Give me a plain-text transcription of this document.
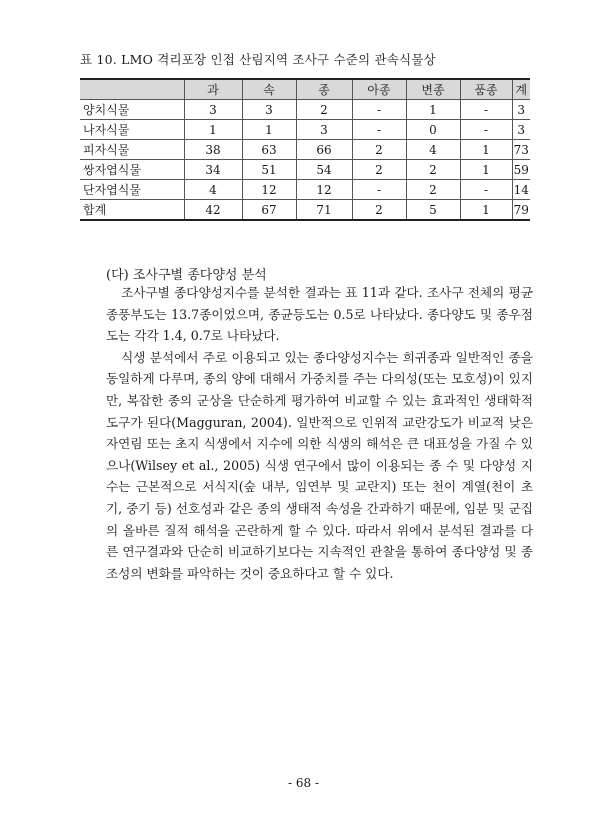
표 10. LMO 격리포장 인접 산림지역 조사구 수준의 관속식물상
	과	속	종	아종	변종	품종	계
양치식물	3	3	2	-	1	-	3
나자식물	1	1	3	-	0	-	3
피자식물	38	63	66	2	4	1	73
쌍자엽식물	34	51	54	2	2	1	59
단자엽식물	4	12	12	-	2	-	14
합계	42	67	71	2	5	1	79
(다) 조사구별 종다양성 분석

조사구별 종다양성지수를 분석한 결과는 표 11과 같다. 조사구 전체의 평균 종풍부도는 13.7종이었으며, 종균등도는 0.5로 나타났다. 종다양도 및 종우점도는 각각 1.4, 0.7로 나타났다.

식생 분석에서 주로 이용되고 있는 종다양성지수는 희귀종과 일반적인 종을 동일하게 다루며, 종의 양에 대해서 가중치를 주는 다의성(또는 모호성)이 있지만, 복잡한 종의 군상을 단순하게 평가하여 비교할 수 있는 효과적인 생태학적 도구가 된다(Magguran, 2004). 일반적으로 인위적 교란강도가 비교적 낮은 자연림 또는 초지 식생에서 지수에 의한 식생의 해석은 큰 대표성을 가질 수 있으나(Wilsey et al., 2005) 식생 연구에서 많이 이용되는 종 수 및 다양성 지수는 근본적으로 서식지(숲 내부, 임연부 및 교란지) 또는 천이 계열(천이 초기, 중기 등) 선호성과 같은 종의 생태적 속성을 간과하기 때문에, 임분 및 군집의 올바른 질적 해석을 곤란하게 할 수 있다. 따라서 위에서 분석된 결과를 다른 연구결과와 단순히 비교하기보다는 지속적인 관찰을 통하여 종다양성 및 종조성의 변화를 파악하는 것이 중요하다고 할 수 있다.

- 68 -
